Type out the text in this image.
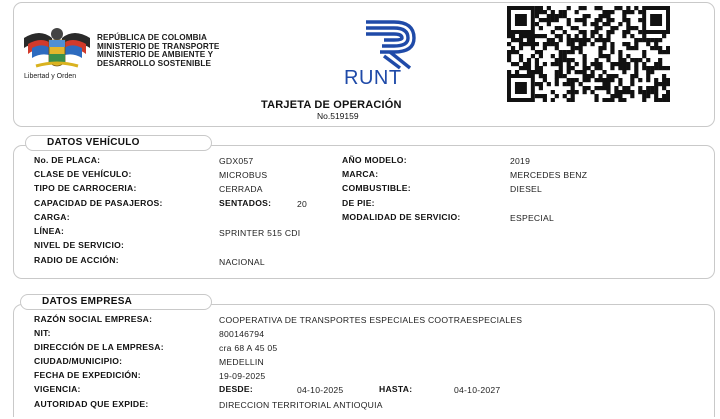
Libertad y Orden
REPÚBLICA DE COLOMBIA
MINISTERIO DE TRANSPORTE
MINISTERIO DE AMBIENTE Y
DESARROLLO SOSTENIBLE
RUNT
TARJETA DE OPERACIÓN
No.519159
DATOS VEHÍCULO
No. DE PLACA:	GDX057
CLASE DE VEHÍCULO:	MICROBUS
TIPO DE CARROCERIA:	CERRADA
CAPACIDAD DE PASAJEROS:	SENTADOS:	20
CARGA:
LÍNEA:	SPRINTER 515 CDI
NIVEL DE SERVICIO:
RADIO DE ACCIÓN:	NACIONAL
AÑO MODELO:	2019
MARCA:	MERCEDES BENZ
COMBUSTIBLE:	DIESEL
DE PIE:
MODALIDAD DE SERVICIO:	ESPECIAL
DATOS EMPRESA
RAZÓN SOCIAL EMPRESA:	COOPERATIVA DE TRANSPORTES ESPECIALES COOTRAESPECIALES
NIT:	800146794
DIRECCIÓN DE LA EMPRESA:	cra 68 A 45 05
CIUDAD/MUNICIPIO:	MEDELLIN
FECHA DE EXPEDICIÓN:	19-09-2025
VIGENCIA:	DESDE:	04-10-2025	HASTA:	04-10-2027
AUTORIDAD QUE EXPIDE:	DIRECCION TERRITORIAL ANTIOQUIA
